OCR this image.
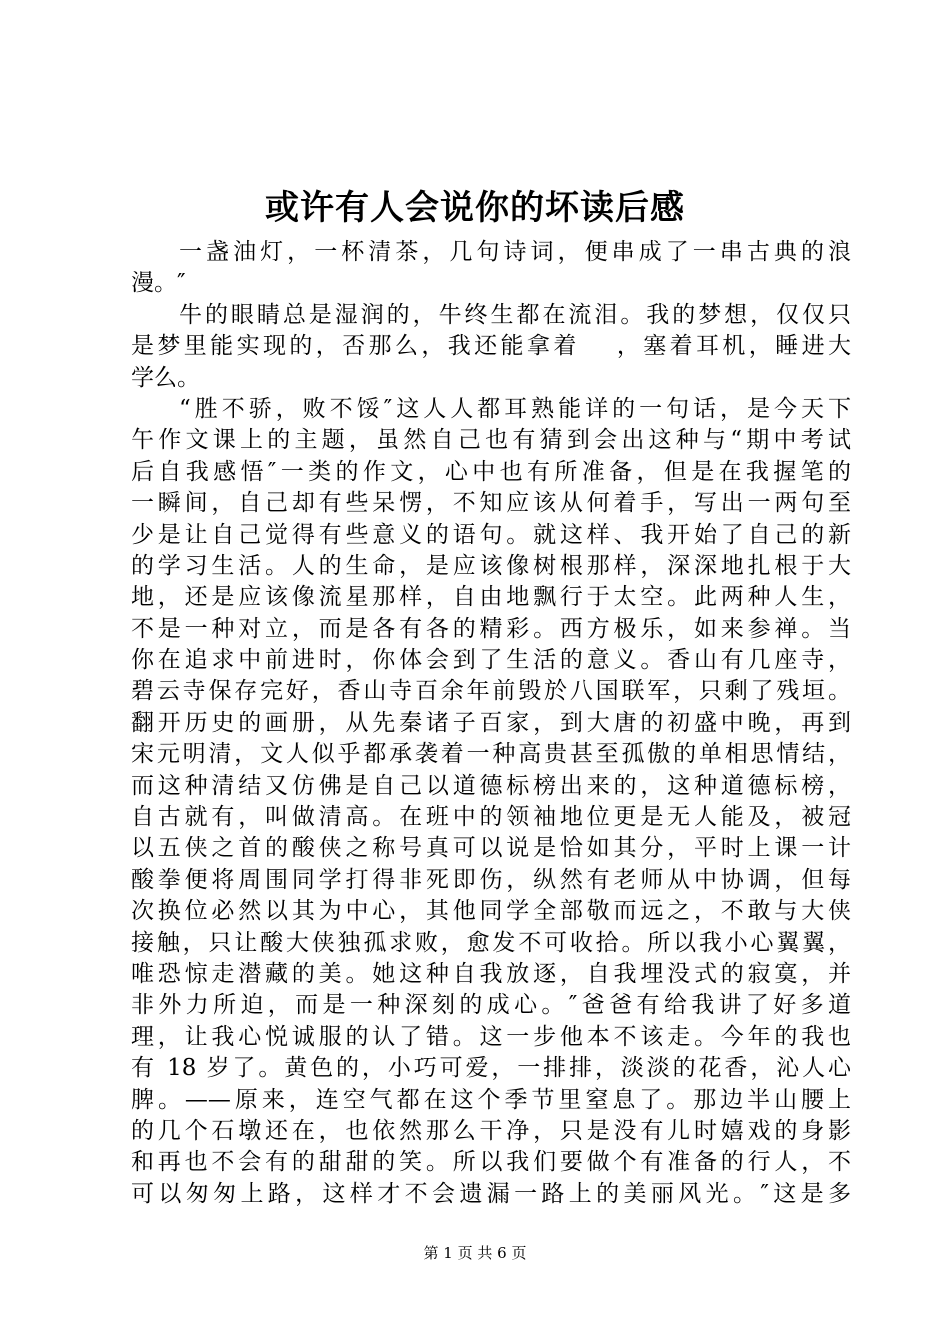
或许有人会说你的坏读后感
一盏油灯，一杯清茶，几句诗词，便串成了一串古典的浪
漫。″
牛的眼睛总是湿润的，牛终生都在流泪。我的梦想，仅仅只
是梦里能实现的，否那么，我还能拿着　 ，塞着耳机，睡进大
学么。
“胜不骄，败不馁″这人人都耳熟能详的一句话，是今天下
午作文课上的主题，虽然自己也有猜到会出这种与“期中考试
后自我感悟″一类的作文，心中也有所准备，但是在我握笔的
一瞬间，自己却有些呆愣，不知应该从何着手，写出一两句至
少是让自己觉得有些意义的语句。就这样、我开始了自己的新
的学习生活。人的生命，是应该像树根那样，深深地扎根于大
地，还是应该像流星那样，自由地飘行于太空。此两种人生，
不是一种对立，而是各有各的精彩。西方极乐，如来参禅。当
你在追求中前进时，你体会到了生活的意义。香山有几座寺，
碧云寺保存完好，香山寺百余年前毁於八国联军，只剩了残垣。
翻开历史的画册，从先秦诸子百家，到大唐的初盛中晚，再到
宋元明清，文人似乎都承袭着一种高贵甚至孤傲的单相思情结，
而这种清结又仿佛是自己以道德标榜出来的，这种道德标榜，
自古就有，叫做清高。在班中的领袖地位更是无人能及，被冠
以五侠之首的酸侠之称号真可以说是恰如其分，平时上课一计
酸拳便将周围同学打得非死即伤，纵然有老师从中协调，但每
次换位必然以其为中心，其他同学全部敬而远之，不敢与大侠
接触，只让酸大侠独孤求败，愈发不可收拾。所以我小心翼翼，
唯恐惊走潜藏的美。她这种自我放逐，自我埋没式的寂寞，并
非外力所迫，而是一种深刻的成心。″爸爸有给我讲了好多道
理，让我心悦诚服的认了错。这一步他本不该走。今年的我也
有 18 岁了。黄色的，小巧可爱，一排排，淡淡的花香，沁人心
脾。——原来，连空气都在这个季节里窒息了。那边半山腰上
的几个石墩还在，也依然那么干净，只是没有儿时嬉戏的身影
和再也不会有的甜甜的笑。所以我们要做个有准备的行人，不
可以匆匆上路，这样才不会遗漏一路上的美丽风光。″这是多
第 1 页 共 6 页
